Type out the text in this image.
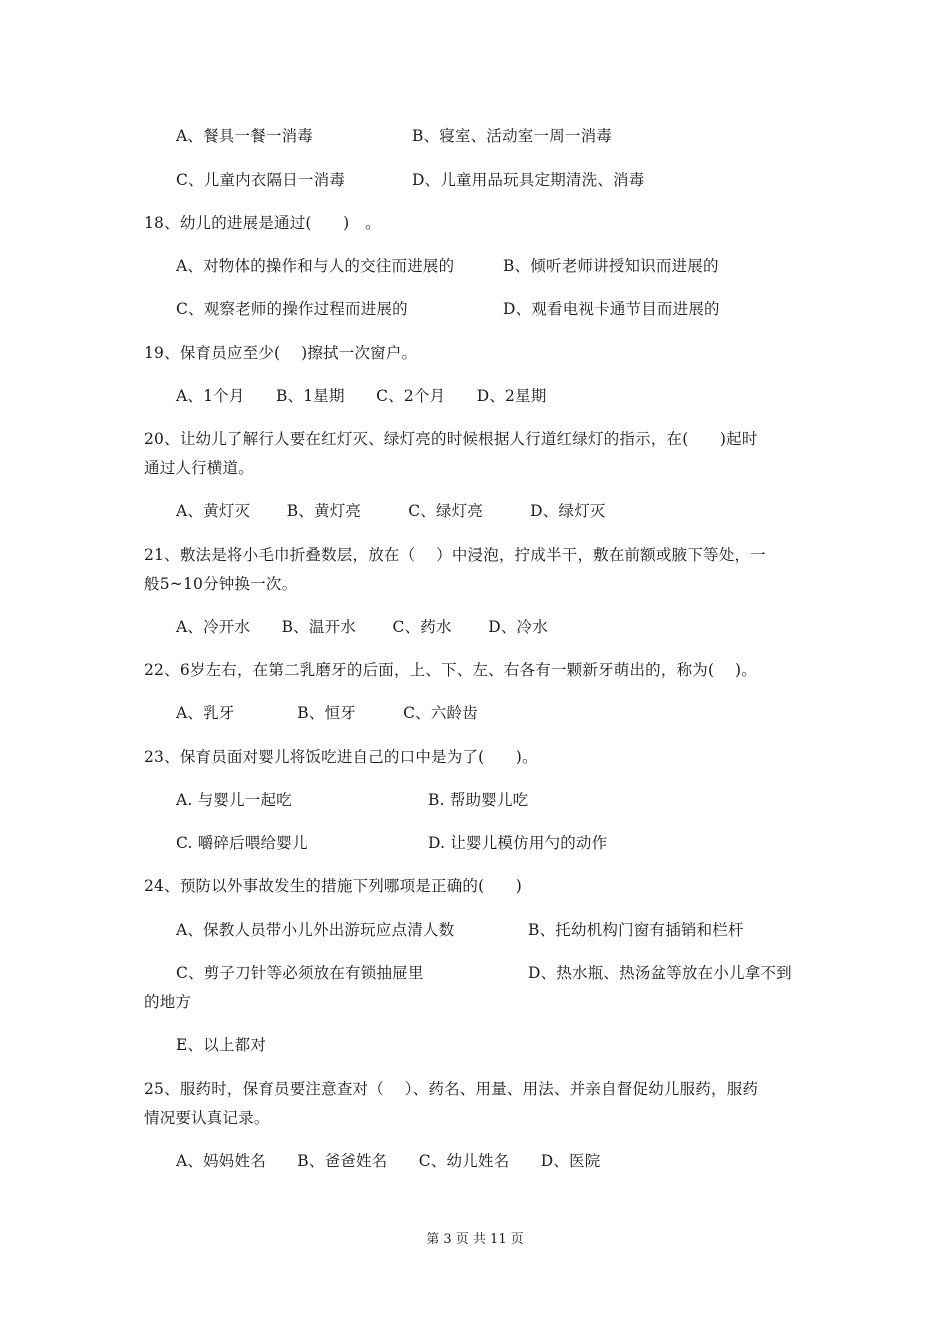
A、餐具一餐一消毒	B、寝室、活动室一周一消毒
C、儿童内衣隔日一消毒	D、儿童用品玩具定期清洗、消毒
18、幼儿的进展是通过(　　)　。
A、对物体的操作和与人的交往而进展的	B、倾听老师讲授知识而进展的
C、观察老师的操作过程而进展的	D、观看电视卡通节目而进展的
19、保育员应至少(　 )擦拭一次窗户。
A、1个月　　B、1星期　　C、2个月　　D、2星期
20、让幼儿了解行人要在红灯灭、绿灯亮的时候根据人行道红绿灯的指示，在(　　)起时
通过人行横道。
A、黄灯灭　　 B、黄灯亮　　　C、绿灯亮　　　D、绿灯灭
21、敷法是将小毛巾折叠数层，放在（　 ）中浸泡，拧成半干，敷在前额或腋下等处，一
般5~10分钟换一次。
A、冷开水　　B、温开水　　 C、药水　　 D、冷水
22、6岁左右，在第二乳磨牙的后面，上、下、左、右各有一颗新牙萌出的，称为(　 )。
A、乳牙　　　　B、恒牙　　　C、六龄齿
23、保育员面对婴儿将饭吃进自己的口中是为了(　　)。
A. 与婴儿一起吃	B. 帮助婴儿吃
C. 嚼碎后喂给婴儿	D. 让婴儿模仿用勺的动作
24、预防以外事故发生的措施下列哪项是正确的(　　)
A、保教人员带小儿外出游玩应点清人数	B、托幼机构门窗有插销和栏杆
C、剪子刀针等必须放在有锁抽屉里	D、热水瓶、热汤盆等放在小儿拿不到
的地方
E、以上都对
25、服药时，保育员要注意查对（　 ）、药名、用量、用法、并亲自督促幼儿服药，服药
情况要认真记录。
A、妈妈姓名　　B、爸爸姓名　　C、幼儿姓名　　D、医院
第 3 页 共 11 页
